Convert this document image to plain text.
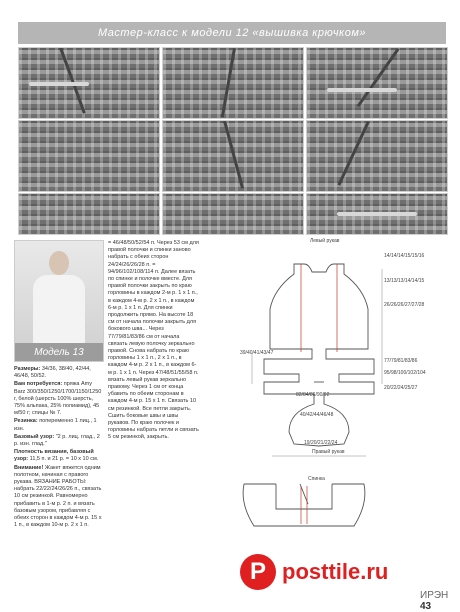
Мастер-класс к модели 12 «вышивка крючком»
Модель 13

Размеры: 34/36, 38/40, 42/44, 46/48, 50/52.

Вам потребуется: пряжа Amy Barz 300/350/1250/1700/1150/1250 г, белой (шерсть 100% шерсть, 75% альпака, 25% полиамид), 45 м/50 г; спицы № 7.

Резинка: попеременно 1 лиц., 1 изн.

Базовый узор: "2 р. лиц. глад., 2 р. изн. глад."

Плотность вязания, базовый узор: 11,5 п. и 21 р. = 10 х 10 см.

Внимание! Жакет вяжется одним полотном, начиная с правого рукава. ВЯЗАНИЕ РАБОТЫ: набрать 22/22/24/26/26 п., связать 10 см резинкой. Равномерно прибавить в 1-м р. 2 п. и вязать базовым узором, прибавляя с обеих сторон в каждом 4-м р. 15 х 1 п., в каждом 10-м р. 2 х 1 п.

= 46/48/50/52/54 п. Через 53 см для правой полочки и спинки заново набрать с обеих сторон 24/24/26/26/28 п. = 94/96/102/108/114 п. Далее вязать по спинке и полочке вместе. Для правой полочки закрыть по краю горловины в каждом 2-м р. 1 х 1 п., в каждом 4-м р. 2 х 1 п., в каждом 6-м р. 1 х 1 п. Для спинки продолжить прямо. На высоте 18 см от начала полочки закрыть для бокового шва... Через 77/79/81/83/86 см от начала связать левую полочку зеркально правой. Снова набрать по краю горловины 1 х 1 п., 2 х 1 п., в каждом 4-м р. 2 х 1 п., в каждом 6-м р. 1 х 1 п. Через 47/48/51/55/58 п. вязать левый рукав зеркально правому. Через 1 см от конца убавить по обеим сторонам в каждом 4-м р. 15 х 1 п. Связать 10 см резинкой. Все петли закрыть. Сшить боковые швы и швы рукавов. По краю полочек и горловины набрать петли и связать 5 см резинкой, закрыть.
Левый рукав
Правый рукав
Спинка
14/14/14/15/15/16
13/13/13/14/14/15
26/26/26/27/27/28
77/79/81/83/86
95/98/100/102/104
20/22/24/25/27
39/40/41/43/47
40/42/44/46/48
19/20/21/22/24
82/84/86/90/92
P posttile.ru
ИРЭН 43
